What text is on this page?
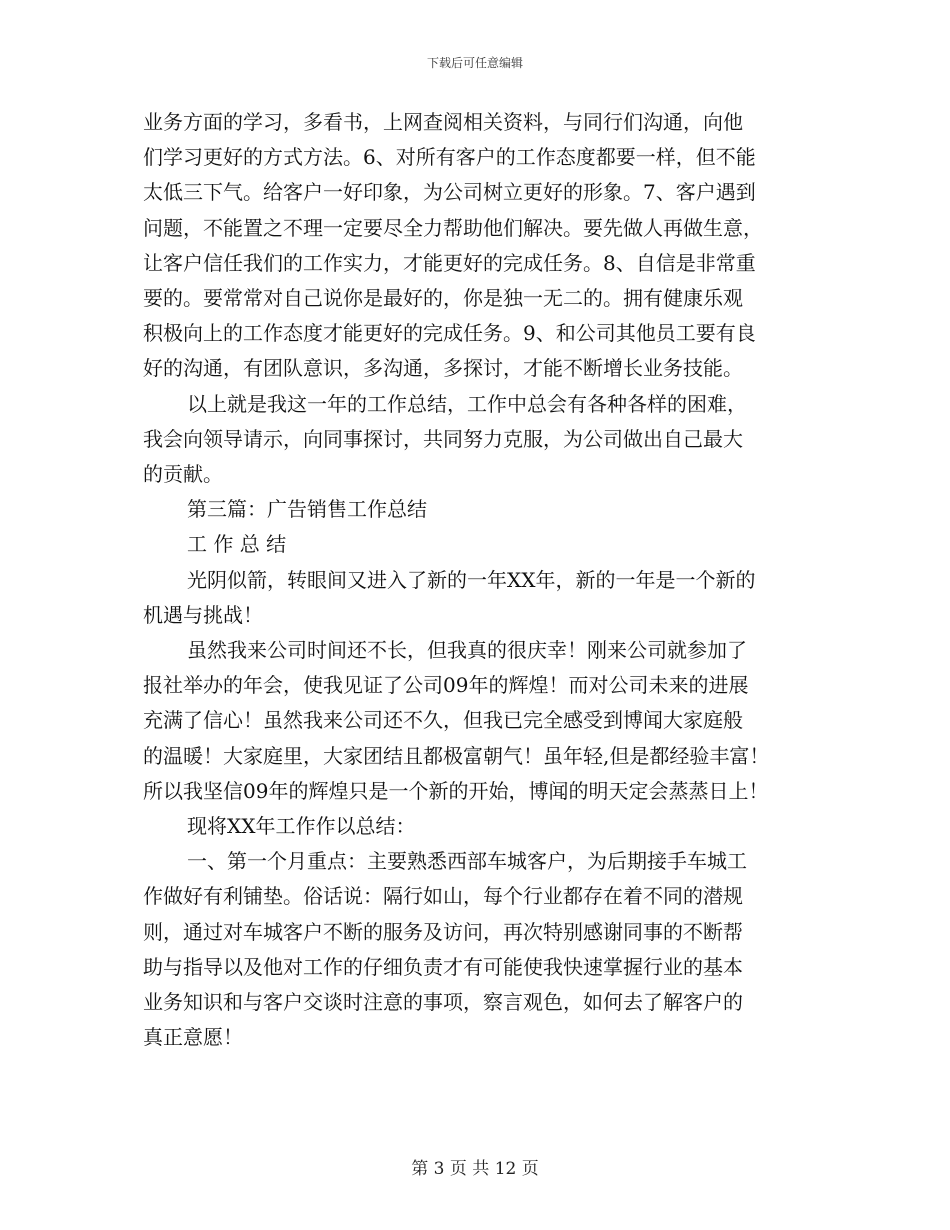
下载后可任意编辑

业务方面的学习，多看书，上网查阅相关资料，与同行们沟通，向他

们学习更好的方式方法。6、对所有客户的工作态度都要一样，但不能

太低三下气。给客户一好印象，为公司树立更好的形象。7、客户遇到

问题，不能置之不理一定要尽全力帮助他们解决。要先做人再做生意，

让客户信任我们的工作实力，才能更好的完成任务。8、自信是非常重

要的。要常常对自己说你是最好的，你是独一无二的。拥有健康乐观

积极向上的工作态度才能更好的完成任务。9、和公司其他员工要有良

好的沟通，有团队意识，多沟通，多探讨，才能不断增长业务技能。

以上就是我这一年的工作总结，工作中总会有各种各样的困难，

我会向领导请示，向同事探讨，共同努力克服，为公司做出自己最大

的贡献。

第三篇：广告销售工作总结

工 作 总 结

光阴似箭，转眼间又进入了新的一年XX年，新的一年是一个新的

机遇与挑战！

虽然我来公司时间还不长，但我真的很庆幸！刚来公司就参加了

报社举办的年会，使我见证了公司09年的辉煌！而对公司未来的进展

充满了信心！虽然我来公司还不久，但我已完全感受到博闻大家庭般

的温暖！大家庭里，大家团结且都极富朝气！虽年轻,但是都经验丰富！

所以我坚信09年的辉煌只是一个新的开始，博闻的明天定会蒸蒸日上！

现将XX年工作作以总结：

一、第一个月重点：主要熟悉西部车城客户，为后期接手车城工

作做好有利铺垫。俗话说：隔行如山，每个行业都存在着不同的潜规

则，通过对车城客户不断的服务及访问，再次特别感谢同事的不断帮

助与指导以及他对工作的仔细负责才有可能使我快速掌握行业的基本

业务知识和与客户交谈时注意的事项，察言观色，如何去了解客户的

真正意愿！

第 3 页 共 12 页
